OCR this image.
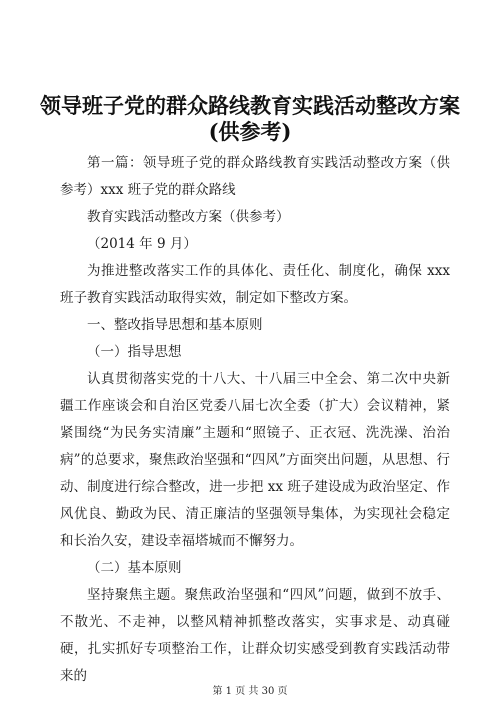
领导班子党的群众路线教育实践活动整改方案
(供参考)

第一篇：领导班子党的群众路线教育实践活动整改方案（供参考）xxx 班子党的群众路线

教育实践活动整改方案（供参考）

（2014 年 9 月）

为推进整改落实工作的具体化、责任化、制度化，确保 xxx 班子教育实践活动取得实效，制定如下整改方案。

一、整改指导思想和基本原则

（一）指导思想

认真贯彻落实党的十八大、十八届三中全会、第二次中央新疆工作座谈会和自治区党委八届七次全委（扩大）会议精神，紧紧围绕“为民务实清廉”主题和“照镜子、正衣冠、洗洗澡、治治病”的总要求，聚焦政治坚强和“四风”方面突出问题，从思想、行动、制度进行综合整改，进一步把 xx 班子建设成为政治坚定、作风优良、勤政为民、清正廉洁的坚强领导集体，为实现社会稳定和长治久安，建设幸福塔城而不懈努力。

（二）基本原则

坚持聚焦主题。聚焦政治坚强和“四风”问题，做到不放手、不散光、不走神，以整风精神抓整改落实，实事求是、动真碰硬，扎实抓好专项整治工作，让群众切实感受到教育实践活动带来的

第 1 页 共 30 页
